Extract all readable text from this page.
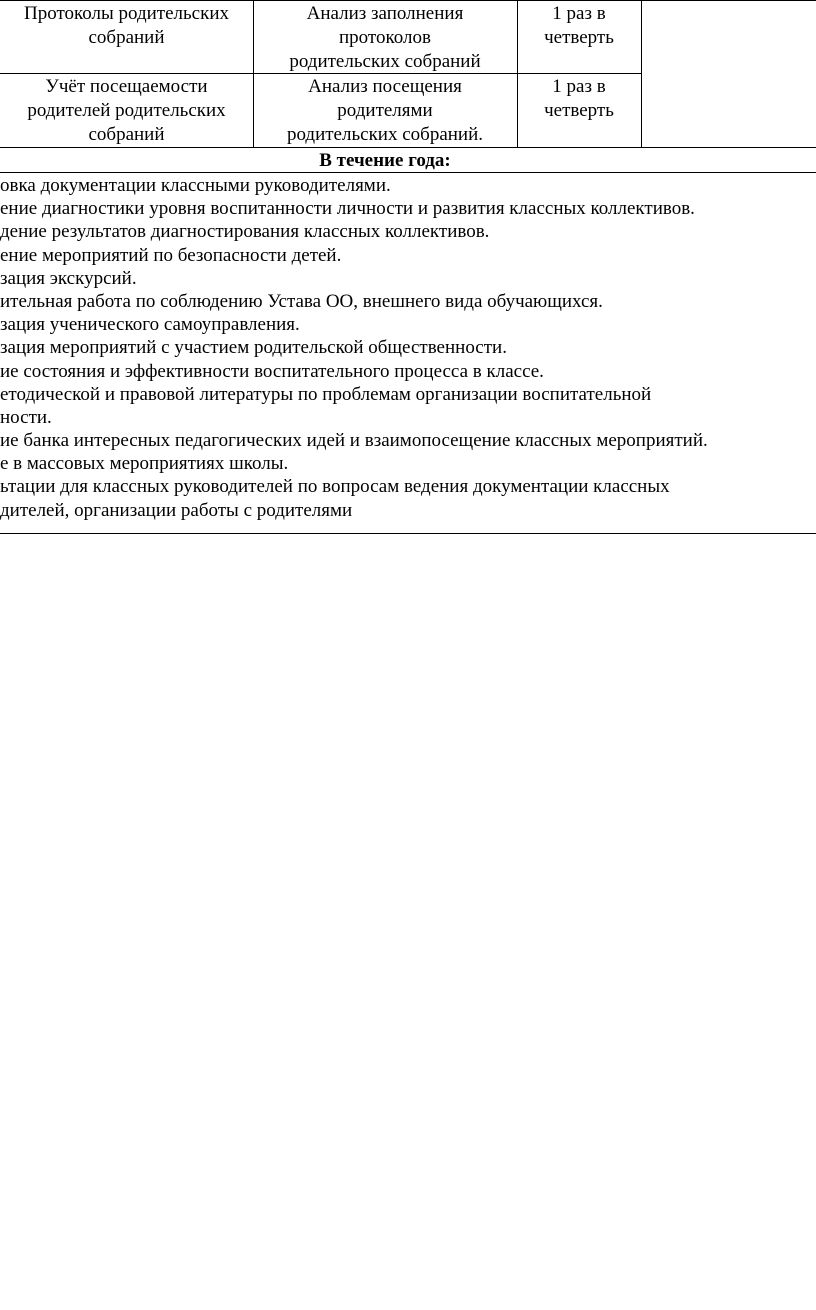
Протоколы родительских
собраний
Анализ заполнения
протоколов
родительских собраний
1 раз в
четверть
Учёт посещаемости
родителей родительских
собраний
Анализ посещения
родителями
родительских собраний.
1 раз в
четверть
В течение года:
овка документации классными руководителями.
ение диагностики уровня воспитанности личности и развития классных коллективов.
дение результатов диагностирования классных коллективов.
ение мероприятий по безопасности детей.
зация экскурсий.
ительная работа по соблюдению Устава ОО, внешнего вида обучающихся.
зация ученического самоуправления.
зация мероприятий с участием родительской общественности.
ие состояния и эффективности воспитательного процесса в классе.
етодической и правовой литературы по проблемам организации воспитательной
ности.
ие банка интересных педагогических идей и взаимопосещение классных мероприятий.
е в массовых мероприятиях школы.
ьтации для классных руководителей по вопросам ведения документации классных
дителей, организации работы с родителями
